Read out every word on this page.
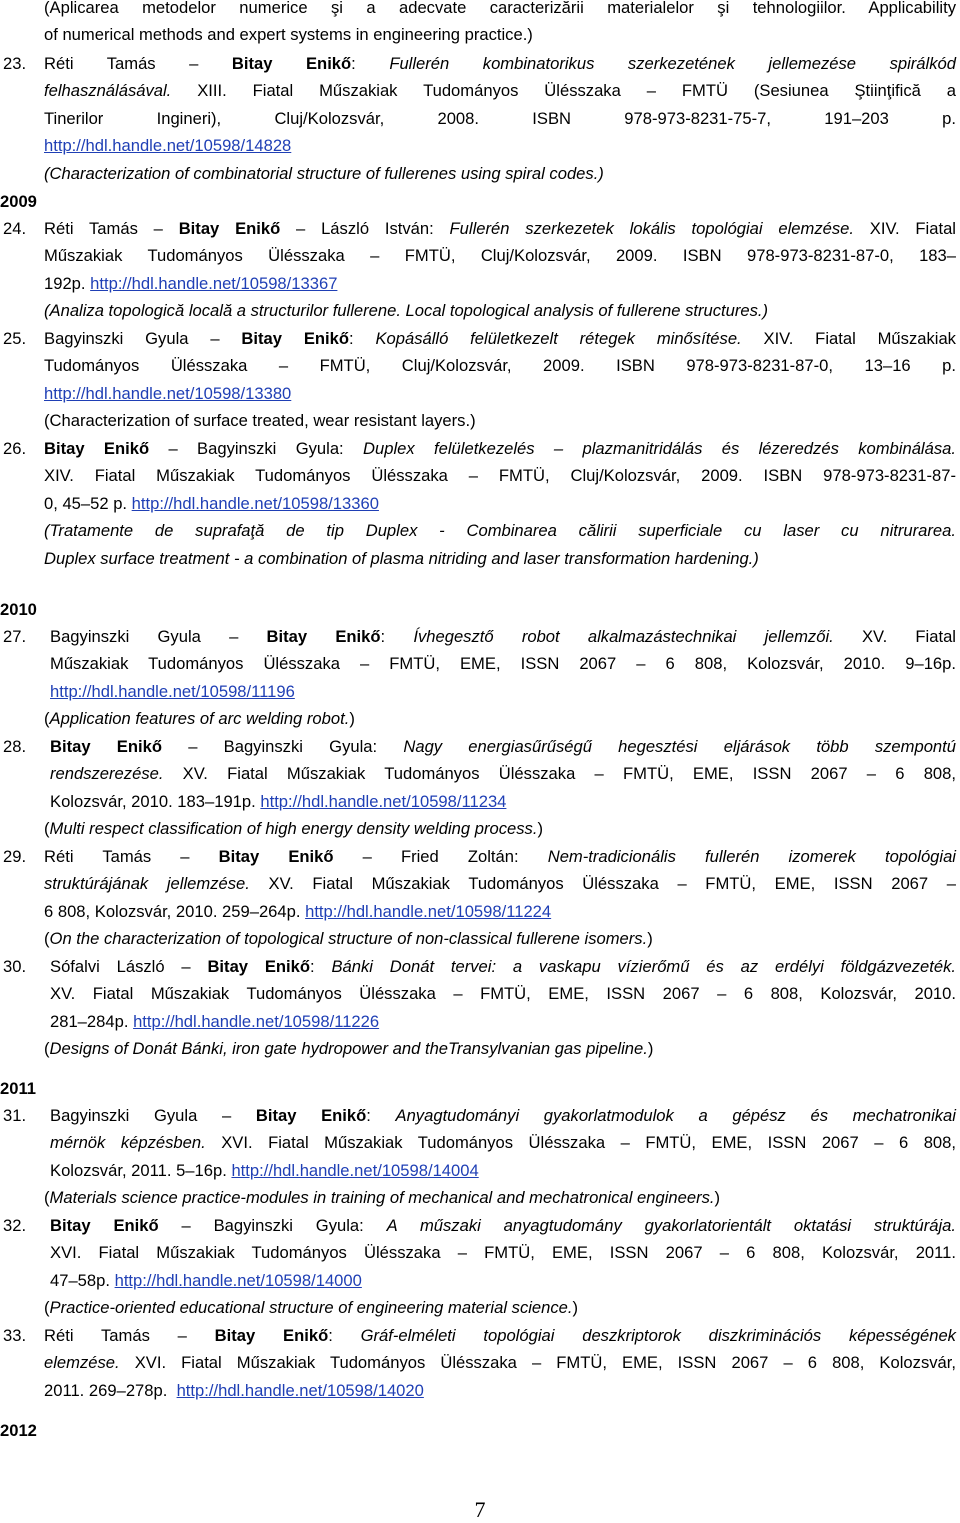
(Aplicarea metodelor numerice şi a adecvate caracterizării materialelor şi tehnologiilor. Applicability
of numerical methods and expert systems in engineering practice.)
23.	Réti Tamás – Bitay Enikő: Fullerén kombinatorikus szerkezetének jellemezése spirálkód
felhasználásával. XIII. Fiatal Műszakiak Tudományos Ülésszaka – FMTÜ (Sesiunea Ştiinţifică a
Tinerilor Ingineri), Cluj/Kolozsvár, 2008. ISBN 978-973-8231-75-7, 191–203 p.
http://hdl.handle.net/10598/14828
(Characterization of combinatorial structure of fullerenes using spiral codes.)
2009
24.	Réti Tamás – Bitay Enikő – László István: Fullerén szerkezetek lokális topológiai elemzése. XIV. Fiatal
Műszakiak Tudományos Ülésszaka – FMTÜ, Cluj/Kolozsvár, 2009. ISBN 978-973-8231-87-0, 183–
192p. http://hdl.handle.net/10598/13367
(Analiza topologică locală a structurilor fullerene. Local topological analysis of fullerene structures.)
25.	Bagyinszki Gyula – Bitay Enikő: Kopásálló felületkezelt rétegek minősítése. XIV. Fiatal Műszakiak
Tudományos Ülésszaka – FMTÜ, Cluj/Kolozsvár, 2009. ISBN 978-973-8231-87-0, 13–16 p.
http://hdl.handle.net/10598/13380
(Characterization of surface treated, wear resistant layers.)
26.	Bitay Enikő – Bagyinszki Gyula: Duplex felületkezelés – plazmanitridálás és lézeredzés kombinálása.
XIV. Fiatal Műszakiak Tudományos Ülésszaka – FMTÜ, Cluj/Kolozsvár, 2009. ISBN 978-973-8231-87-
0, 45–52 p. http://hdl.handle.net/10598/13360
(Tratamente de suprafaţă de tip Duplex - Combinarea călirii superficiale cu laser cu nitrurarea.
Duplex surface treatment - a combination of plasma nitriding and laser transformation hardening.)
2010
27.	Bagyinszki Gyula – Bitay Enikő: Ívhegesztő robot alkalmazástechnikai jellemzői. XV. Fiatal
Műszakiak Tudományos Ülésszaka – FMTÜ, EME, ISSN 2067 – 6 808, Kolozsvár, 2010. 9–16p.
http://hdl.handle.net/10598/11196
(Application features of arc welding robot.)
28.	Bitay Enikő – Bagyinszki Gyula: Nagy energiasűrűségű hegesztési eljárások több szempontú
rendszerezése. XV. Fiatal Műszakiak Tudományos Ülésszaka – FMTÜ, EME, ISSN 2067 – 6 808,
Kolozsvár, 2010. 183–191p. http://hdl.handle.net/10598/11234
(Multi respect classification of high energy density welding process.)
29.	Réti Tamás – Bitay Enikő – Fried Zoltán: Nem-tradicionális fullerén izomerek topológiai
struktúrájának jellemzése. XV. Fiatal Műszakiak Tudományos Ülésszaka – FMTÜ, EME, ISSN 2067 –
6 808, Kolozsvár, 2010. 259–264p. http://hdl.handle.net/10598/11224
(On the characterization of topological structure of non-classical fullerene isomers.)
30.	Sófalvi László – Bitay Enikő: Bánki Donát tervei: a vaskapu vízierőmű és az erdélyi földgázvezeték.
XV. Fiatal Műszakiak Tudományos Ülésszaka – FMTÜ, EME, ISSN 2067 – 6 808, Kolozsvár, 2010.
281–284p. http://hdl.handle.net/10598/11226
(Designs of Donát Bánki, iron gate hydropower and theTransylvanian gas pipeline.)
2011
31.	Bagyinszki Gyula – Bitay Enikő: Anyagtudományi gyakorlatmodulok a gépész és mechatronikai
mérnök képzésben. XVI. Fiatal Műszakiak Tudományos Ülésszaka – FMTÜ, EME, ISSN 2067 – 6 808,
Kolozsvár, 2011. 5–16p. http://hdl.handle.net/10598/14004
(Materials science practice-modules in training of mechanical and mechatronical engineers.)
32.	Bitay Enikő – Bagyinszki Gyula: A műszaki anyagtudomány gyakorlatorientált oktatási struktúrája.
XVI. Fiatal Műszakiak Tudományos Ülésszaka – FMTÜ, EME, ISSN 2067 – 6 808, Kolozsvár, 2011.
47–58p. http://hdl.handle.net/10598/14000
(Practice-oriented educational structure of engineering material science.)
33.	Réti Tamás – Bitay Enikő: Gráf-elméleti topológiai deszkriptorok diszkriminációs képességének
elemzése. XVI. Fiatal Műszakiak Tudományos Ülésszaka – FMTÜ, EME, ISSN 2067 – 6 808, Kolozsvár,
2011. 269–278p.  http://hdl.handle.net/10598/14020
2012
7
